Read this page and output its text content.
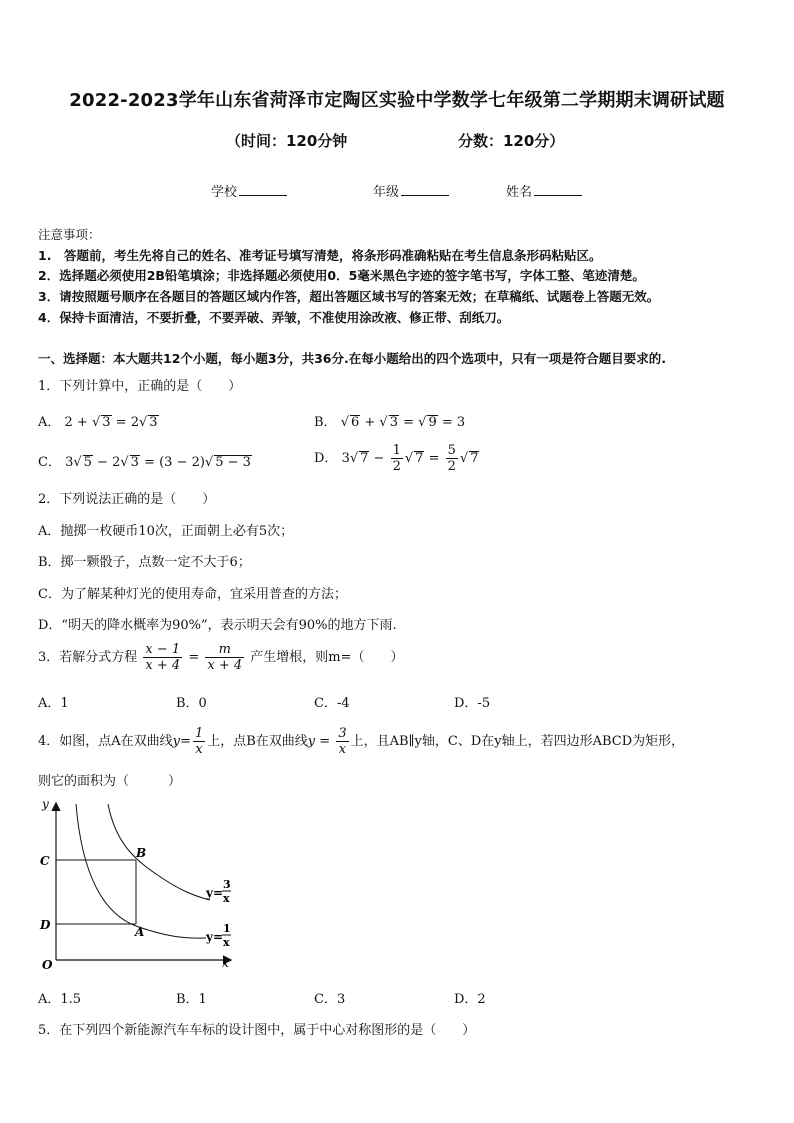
2022-2023学年山东省菏泽市定陶区实验中学数学七年级第二学期期末调研试题
（时间：120分钟	分数：120分）
学校	年级	姓名
注意事项：
1.　答题前，考生先将自己的姓名、准考证号填写清楚，将条形码准确粘贴在考生信息条形码粘贴区。
2．选择题必须使用2B铅笔填涂；非选择题必须使用0．5毫米黑色字迹的签字笔书写，字体工整、笔迹清楚。
3．请按照题号顺序在各题目的答题区域内作答，超出答题区域书写的答案无效；在草稿纸、试题卷上答题无效。
4．保持卡面清洁，不要折叠，不要弄破、弄皱，不准使用涂改液、修正带、刮纸刀。
一、选择题：本大题共12个小题，每小题3分，共36分.在每小题给出的四个选项中，只有一项是符合题目要求的.
1．下列计算中，正确的是（　　）
A． 2 + √ 3 = 2√ 3	B． √ 6 + √ 3 = √ 9 = 3
C． 3√ 5 − 2√ 3 = (3 − 2)√ 5 − 3	D． 3√ $7 - \frac{1}{2}$ √ $7 = \frac{5}{2}$ √ 7
2．下列说法正确的是（　　）
A．抛掷一枚硬币10次，正面朝上必有5次；
B．掷一颗骰子，点数一定不大于6；
C．为了解某种灯光的使用寿命，宜采用普查的方法；
D．“明天的降水概率为90%”，表示明天会有90%的地方下雨.
3．若解分式方程 $\frac{x - 1}{x + 4} = \frac{m}{x + 4}$ 产生增根，则m=（　　）
A．1	B．0	C．-4	D．-5
4．如图，点A在双曲线$y= \frac{1}{x}$ 上，点B在双曲线$y = \frac{3}{x}$ 上，且AB∥y轴，C、D在y轴上，若四边形ABCD为矩形，
则它的面积为（　　　）
y
x
O
C
D
B
A
y=
3
x
y=
1
x
A．1.5	B．1	C．3	D．2
5．在下列四个新能源汽车车标的设计图中，属于中心对称图形的是（　　）
